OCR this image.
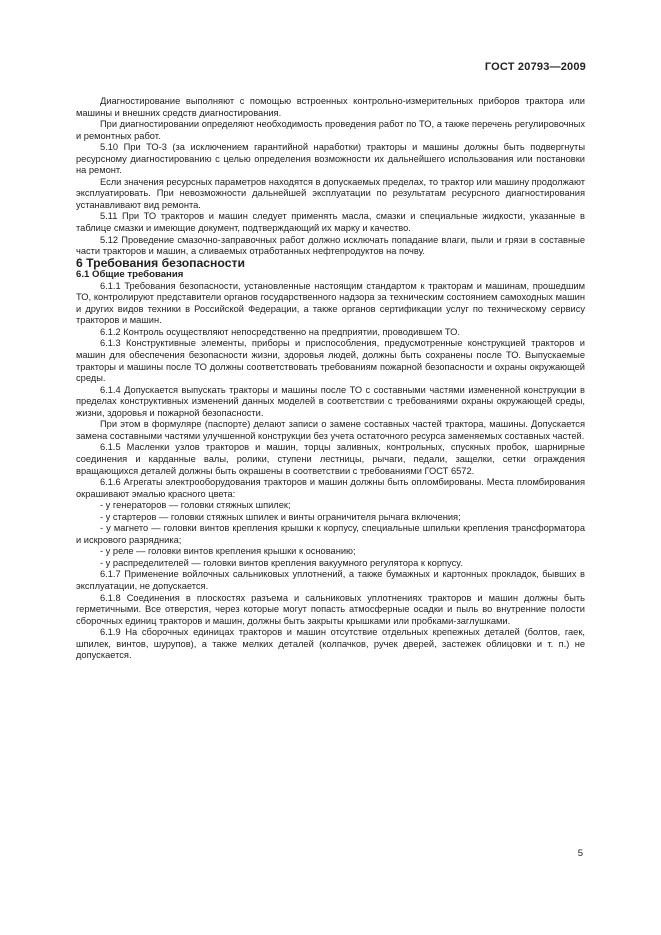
ГОСТ 20793—2009

Диагностирование выполняют с помощью встроенных контрольно-измерительных приборов трактора или машины и внешних средств диагностирования.

При диагностировании определяют необходимость проведения работ по ТО, а также перечень регулировочных и ремонтных работ.

5.10 При ТО-3 (за исключением гарантийной наработки) тракторы и машины должны быть подвергнуты ресурсному диагностированию с целью определения возможности их дальнейшего использования или постановки на ремонт.

Если значения ресурсных параметров находятся в допускаемых пределах, то трактор или машину продолжают эксплуатировать. При невозможности дальнейшей эксплуатации по результатам ресурсного диагностирования устанавливают вид ремонта.

5.11 При ТО тракторов и машин следует применять масла, смазки и специальные жидкости, указанные в таблице смазки и имеющие документ, подтверждающий их марку и качество.

5.12 Проведение смазочно-заправочных работ должно исключать попадание влаги, пыли и грязи в составные части тракторов и машин, а сливаемых отработанных нефтепродуктов на почву.

6 Требования безопасности

6.1 Общие требования

6.1.1 Требования безопасности, установленные настоящим стандартом к тракторам и машинам, прошедшим ТО, контролируют представители органов государственного надзора за техническим состоянием самоходных машин и других видов техники в Российской Федерации, а также органов сертификации услуг по техническому сервису тракторов и машин.

6.1.2 Контроль осуществляют непосредственно на предприятии, проводившем ТО.

6.1.3 Конструктивные элементы, приборы и приспособления, предусмотренные конструкцией тракторов и машин для обеспечения безопасности жизни, здоровья людей, должны быть сохранены после ТО. Выпускаемые тракторы и машины после ТО должны соответствовать требованиям пожарной безопасности и охраны окружающей среды.

6.1.4 Допускается выпускать тракторы и машины после ТО с составными частями измененной конструкции в пределах конструктивных изменений данных моделей в соответствии с требованиями охраны окружающей среды, жизни, здоровья и пожарной безопасности.

При этом в формуляре (паспорте) делают записи о замене составных частей трактора, машины. Допускается замена составными частями улучшенной конструкции без учета остаточного ресурса заменяемых составных частей.

6.1.5 Масленки узлов тракторов и машин, торцы заливных, контрольных, спускных пробок, шарнирные соединения и карданные валы, ролики, ступени лестницы, рычаги, педали, защелки, сетки ограждения вращающихся деталей должны быть окрашены в соответствии с требованиями ГОСТ 6572.

6.1.6 Агрегаты электрооборудования тракторов и машин должны быть опломбированы. Места пломбирования окрашивают эмалью красного цвета:

- у генераторов — головки стяжных шпилек;

- у стартеров — головки стяжных шпилек и винты ограничителя рычага включения;

- у магнето — головки винтов крепления крышки к корпусу, специальные шпильки крепления трансформатора и искрового разрядника;

- у реле — головки винтов крепления крышки к основанию;

- у распределителей — головки винтов крепления вакуумного регулятора к корпусу.

6.1.7 Применение войлочных сальниковых уплотнений, а также бумажных и картонных прокладок, бывших в эксплуатации, не допускается.

6.1.8 Соединения в плоскостях разъема и сальниковых уплотнениях тракторов и машин должны быть герметичными. Все отверстия, через которые могут попасть атмосферные осадки и пыль во внутренние полости сборочных единиц тракторов и машин, должны быть закрыты крышками или пробками-заглушками.

6.1.9 На сборочных единицах тракторов и машин отсутствие отдельных крепежных деталей (болтов, гаек, шпилек, винтов, шурупов), а также мелких деталей (колпачков, ручек дверей, застежек облицовки и т. п.) не допускается.

5
